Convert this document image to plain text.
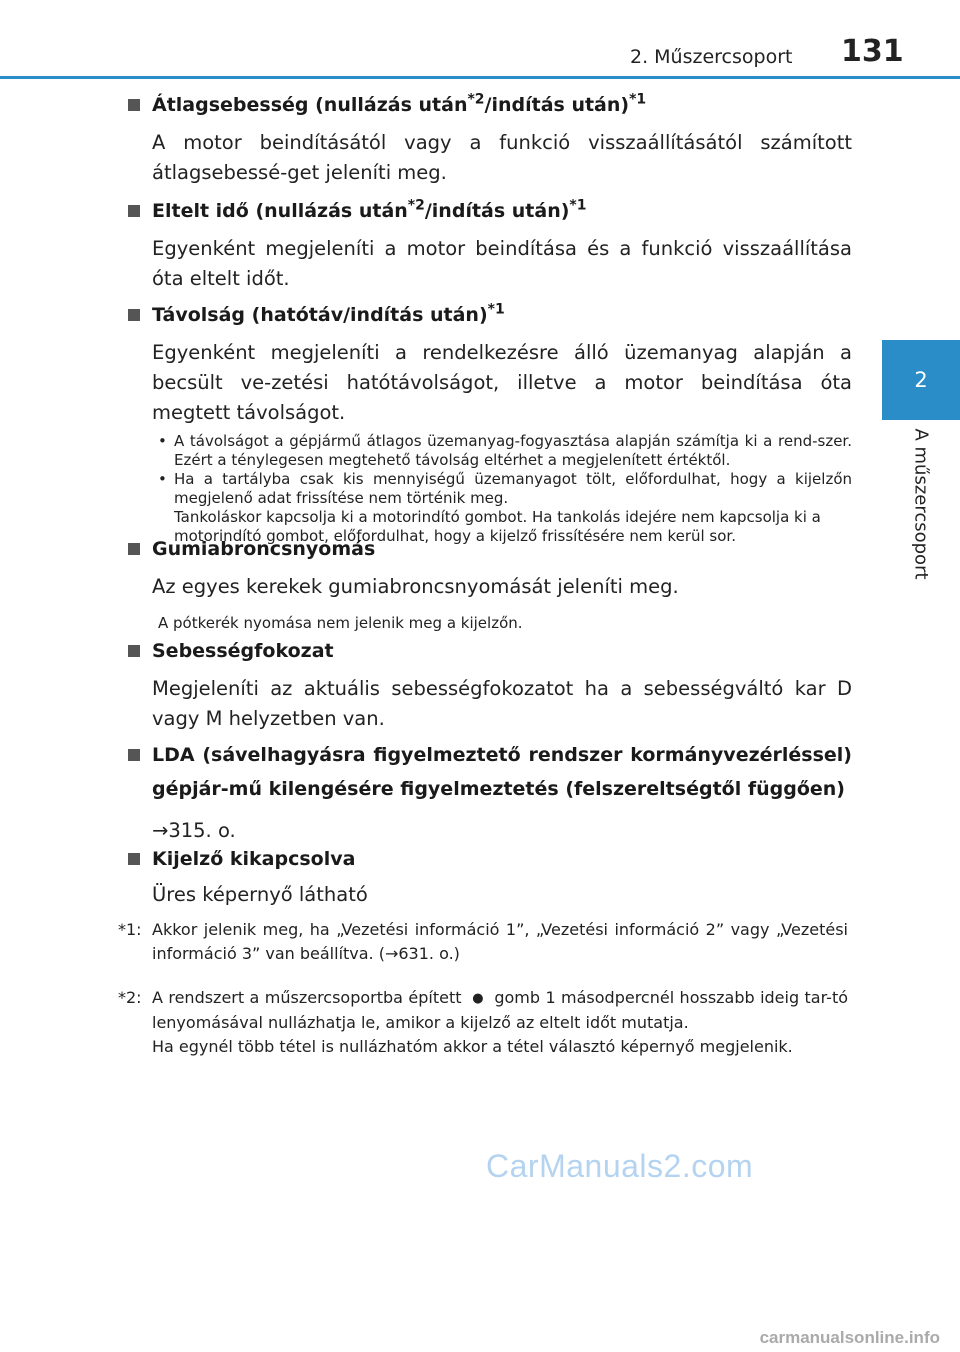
2. Műszercsoport 131
2
A műszercsoport
Átlagsebesség (nullázás után$^{*2}$/indítás után)$^{*1}$
A motor beindításától vagy a funkció visszaállításától számított átlagsebessé-get jeleníti meg.
Eltelt idő (nullázás után$^{*2}$/indítás után)$^{*1}$
Egyenként megjeleníti a motor beindítása és a funkció visszaállítása óta eltelt időt.
Távolság (hatótáv/indítás után)$^{*1}$
Egyenként megjeleníti a rendelkezésre álló üzemanyag alapján a becsült ve-zetési hatótávolságot, illetve a motor beindítása óta megtett távolságot.
• A távolságot a gépjármű átlagos üzemanyag-fogyasztása alapján számítja ki a rend-szer. Ezért a ténylegesen megtehető távolság eltérhet a megjelenített értéktől.
• Ha a tartályba csak kis mennyiségű üzemanyagot tölt, előfordulhat, hogy a kijelzőn megjelenő adat frissítése nem történik meg.
Tankoláskor kapcsolja ki a motorindító gombot. Ha tankolás idejére nem kapcsolja ki a motorindító gombot, előfordulhat, hogy a kijelző frissítésére nem kerül sor.
Gumiabroncsnyomás
Az egyes kerekek gumiabroncsnyomását jeleníti meg.
A pótkerék nyomása nem jelenik meg a kijelzőn.
Sebességfokozat
Megjeleníti az aktuális sebességfokozatot ha a sebességváltó kar D vagy M helyzetben van.
LDA (sávelhagyásra figyelmeztető rendszer kormányvezérléssel) gépjár-mű kilengésére figyelmeztetés (felszereltségtől függően)
→315. o.
Kijelző kikapcsolva
Üres képernyő látható
*1: Akkor jelenik meg, ha „Vezetési információ 1”, „Vezetési információ 2” vagy „Vezetési információ 3” van beállítva. (→631. o.)
*2: A rendszert a műszercsoportba épített ● gomb 1 másodpercnél hosszabb ideig tar-tó lenyomásával nullázhatja le, amikor a kijelző az eltelt időt mutatja.
Ha egynél több tétel is nullázhatóm akkor a tétel választó képernyő megjelenik.
CarManuals2.com
carmanualsonline.info
